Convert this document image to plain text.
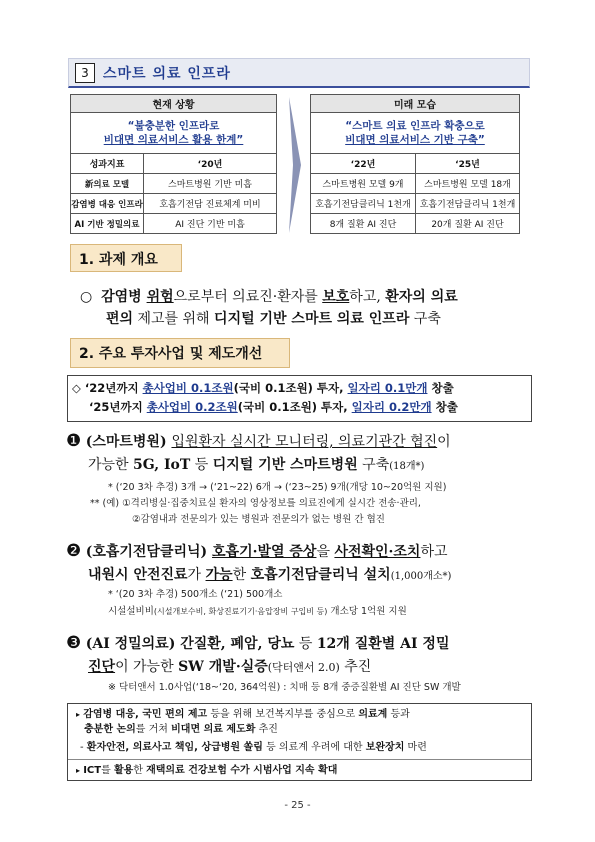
3	스마트 의료 인프라
현재 상황	
“불충분한 인프라로
비대면 의료서비스 활용 한계”	
성과지표	‘20년
新의료 모델	스마트병원 기반 미흡
감염병 대응 인프라	호흡기전담 진료체계 미비
AI 기반 정밀의료	AI 진단 기반 미흡
미래 모습	
“스마트 의료 인프라 확충으로
비대면 의료서비스 기반 구축”	
‘22년	‘25년
스마트병원 모델 9개	스마트병원 모델 18개
호흡기전담클리닉 1천개	호흡기전담클리닉 1천개
8개 질환 AI 진단	20개 질환 AI 진단
1. 과제 개요
○ 감염병 위험으로부터 의료진·환자를 보호하고, 환자의 의료
편의 제고를 위해 디지털 기반 스마트 의료 인프라 구축
2. 주요 투자사업 및 제도개선
◇ ‘22년까지 총사업비 0.1조원(국비 0.1조원) 투자, 일자리 0.1만개 창출
‘25년까지 총사업비 0.2조원(국비 0.1조원) 투자, 일자리 0.2만개 창출
❶ (스마트병원) 입원환자 실시간 모니터링, 의료기관간 협진이
가능한 5G, IoT 등 디지털 기반 스마트병원 구축(18개*)
* (‘20 3차 추경) 3개 → (‘21~22) 6개 → (‘23~25) 9개(개당 10~20억원 지원)
** (예) ①격리병실·집중치료실 환자의 영상정보를 의료진에게 실시간 전송·관리,
②감염내과 전문의가 있는 병원과 전문의가 없는 병원 간 협진
❷ (호흡기전담클리닉) 호흡기·발열 증상을 사전확인·조치하고
내원시 안전진료가 가능한 호흡기전담클리닉 설치(1,000개소*)
* ‘(20 3차 추경) 500개소 (‘21) 500개소
시설설비비(시설개보수비, 화상진료기기·음압장비 구입비 등) 개소당 1억원 지원
❸ (AI 정밀의료) 간질환, 폐암, 당뇨 등 12개 질환별 AI 정밀
진단이 가능한 SW 개발·실증(닥터앤서 2.0) 추진
※ 닥터앤서 1.0사업(‘18~‘20, 364억원) : 치매 등 8개 중증질환별 AI 진단 SW 개발
▸ 감염병 대응, 국민 편의 제고 등을 위해 보건복지부를 중심으로 의료계 등과
충분한 논의를 거쳐 비대면 의료 제도화 추진
- 환자안전, 의료사고 책임, 상급병원 쏠림 등 의료계 우려에 대한 보완장치 마련
▸ ICT를 활용한 재택의료 건강보험 수가 시범사업 지속 확대
- 25 -
